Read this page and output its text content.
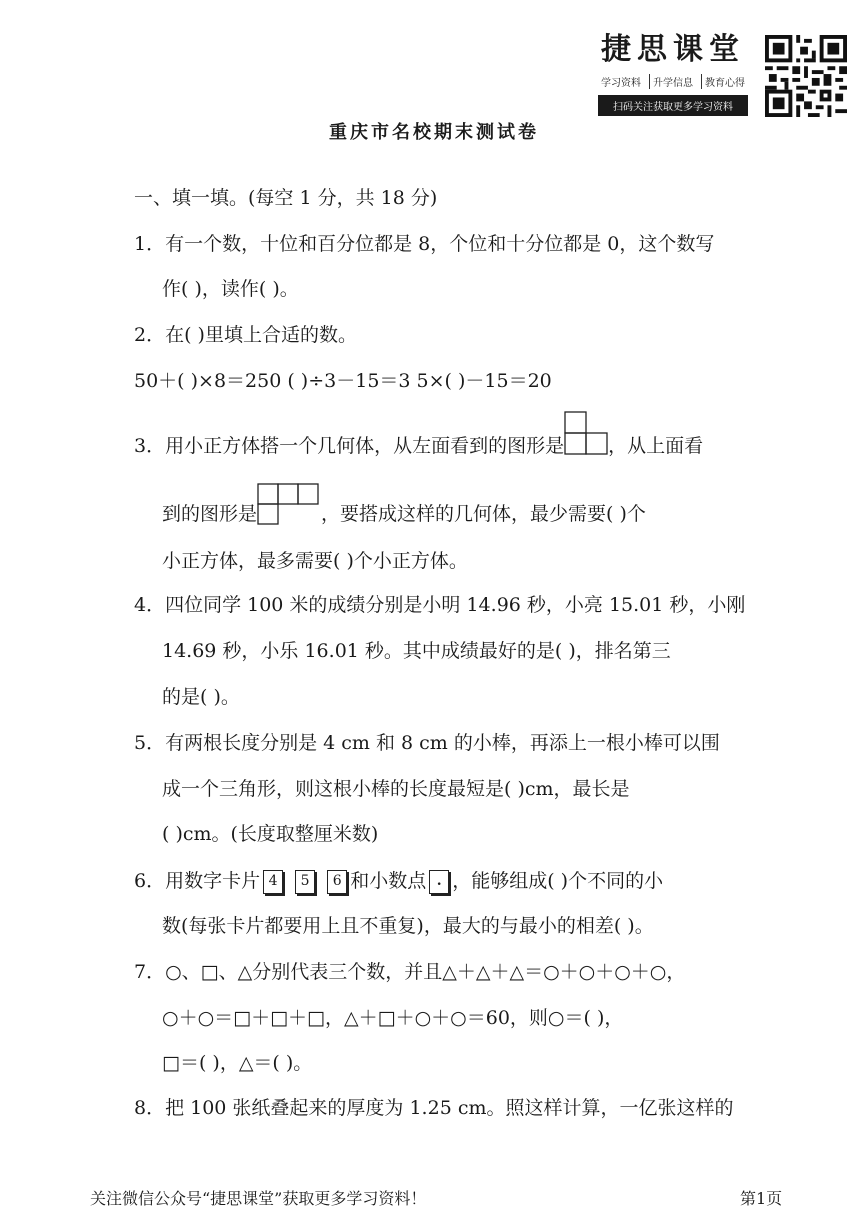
捷思课堂
学习资料	升学信息	教育心得
扫码关注获取更多学习资料
重庆市名校期末测试卷
一、填一填。(每空 1 分，共 18 分)
1．有一个数，十位和百分位都是 8，个位和十分位都是 0，这个数写
作( )，读作( )。
2．在( )里填上合适的数。
50＋( )×8＝250 ( )÷3－15＝3 5×( )－15＝20
3．用小正方体搭一个几何体，从左面看到的图形是 ，从上面看
到的图形是	，要搭成这样的几何体，最少需要( )个
小正方体，最多需要( )个小正方体。
4．四位同学 100 米的成绩分别是小明 14.96 秒，小亮 15.01 秒，小刚
14.69 秒，小乐 16.01 秒。其中成绩最好的是( )，排名第三
的是( )。
5．有两根长度分别是 4 cm 和 8 cm 的小棒，再添上一根小棒可以围
成一个三角形，则这根小棒的长度最短是( )cm，最长是
( )cm。(长度取整厘米数)
6．用数字卡片 4 5 6 和小数点 . ，能够组成( )个不同的小
数(每张卡片都要用上且不重复)，最大的与最小的相差( )。
7．○、□、△分别代表三个数，并且△＋△＋△＝○＋○＋○＋○，
○＋○＝□＋□＋□，△＋□＋○＋○＝60，则○＝( )，
□＝( )，△＝( )。
8．把 100 张纸叠起来的厚度为 1.25 cm。照这样计算，一亿张这样的
关注微信公众号“捷思课堂”获取更多学习资料！	第1页
